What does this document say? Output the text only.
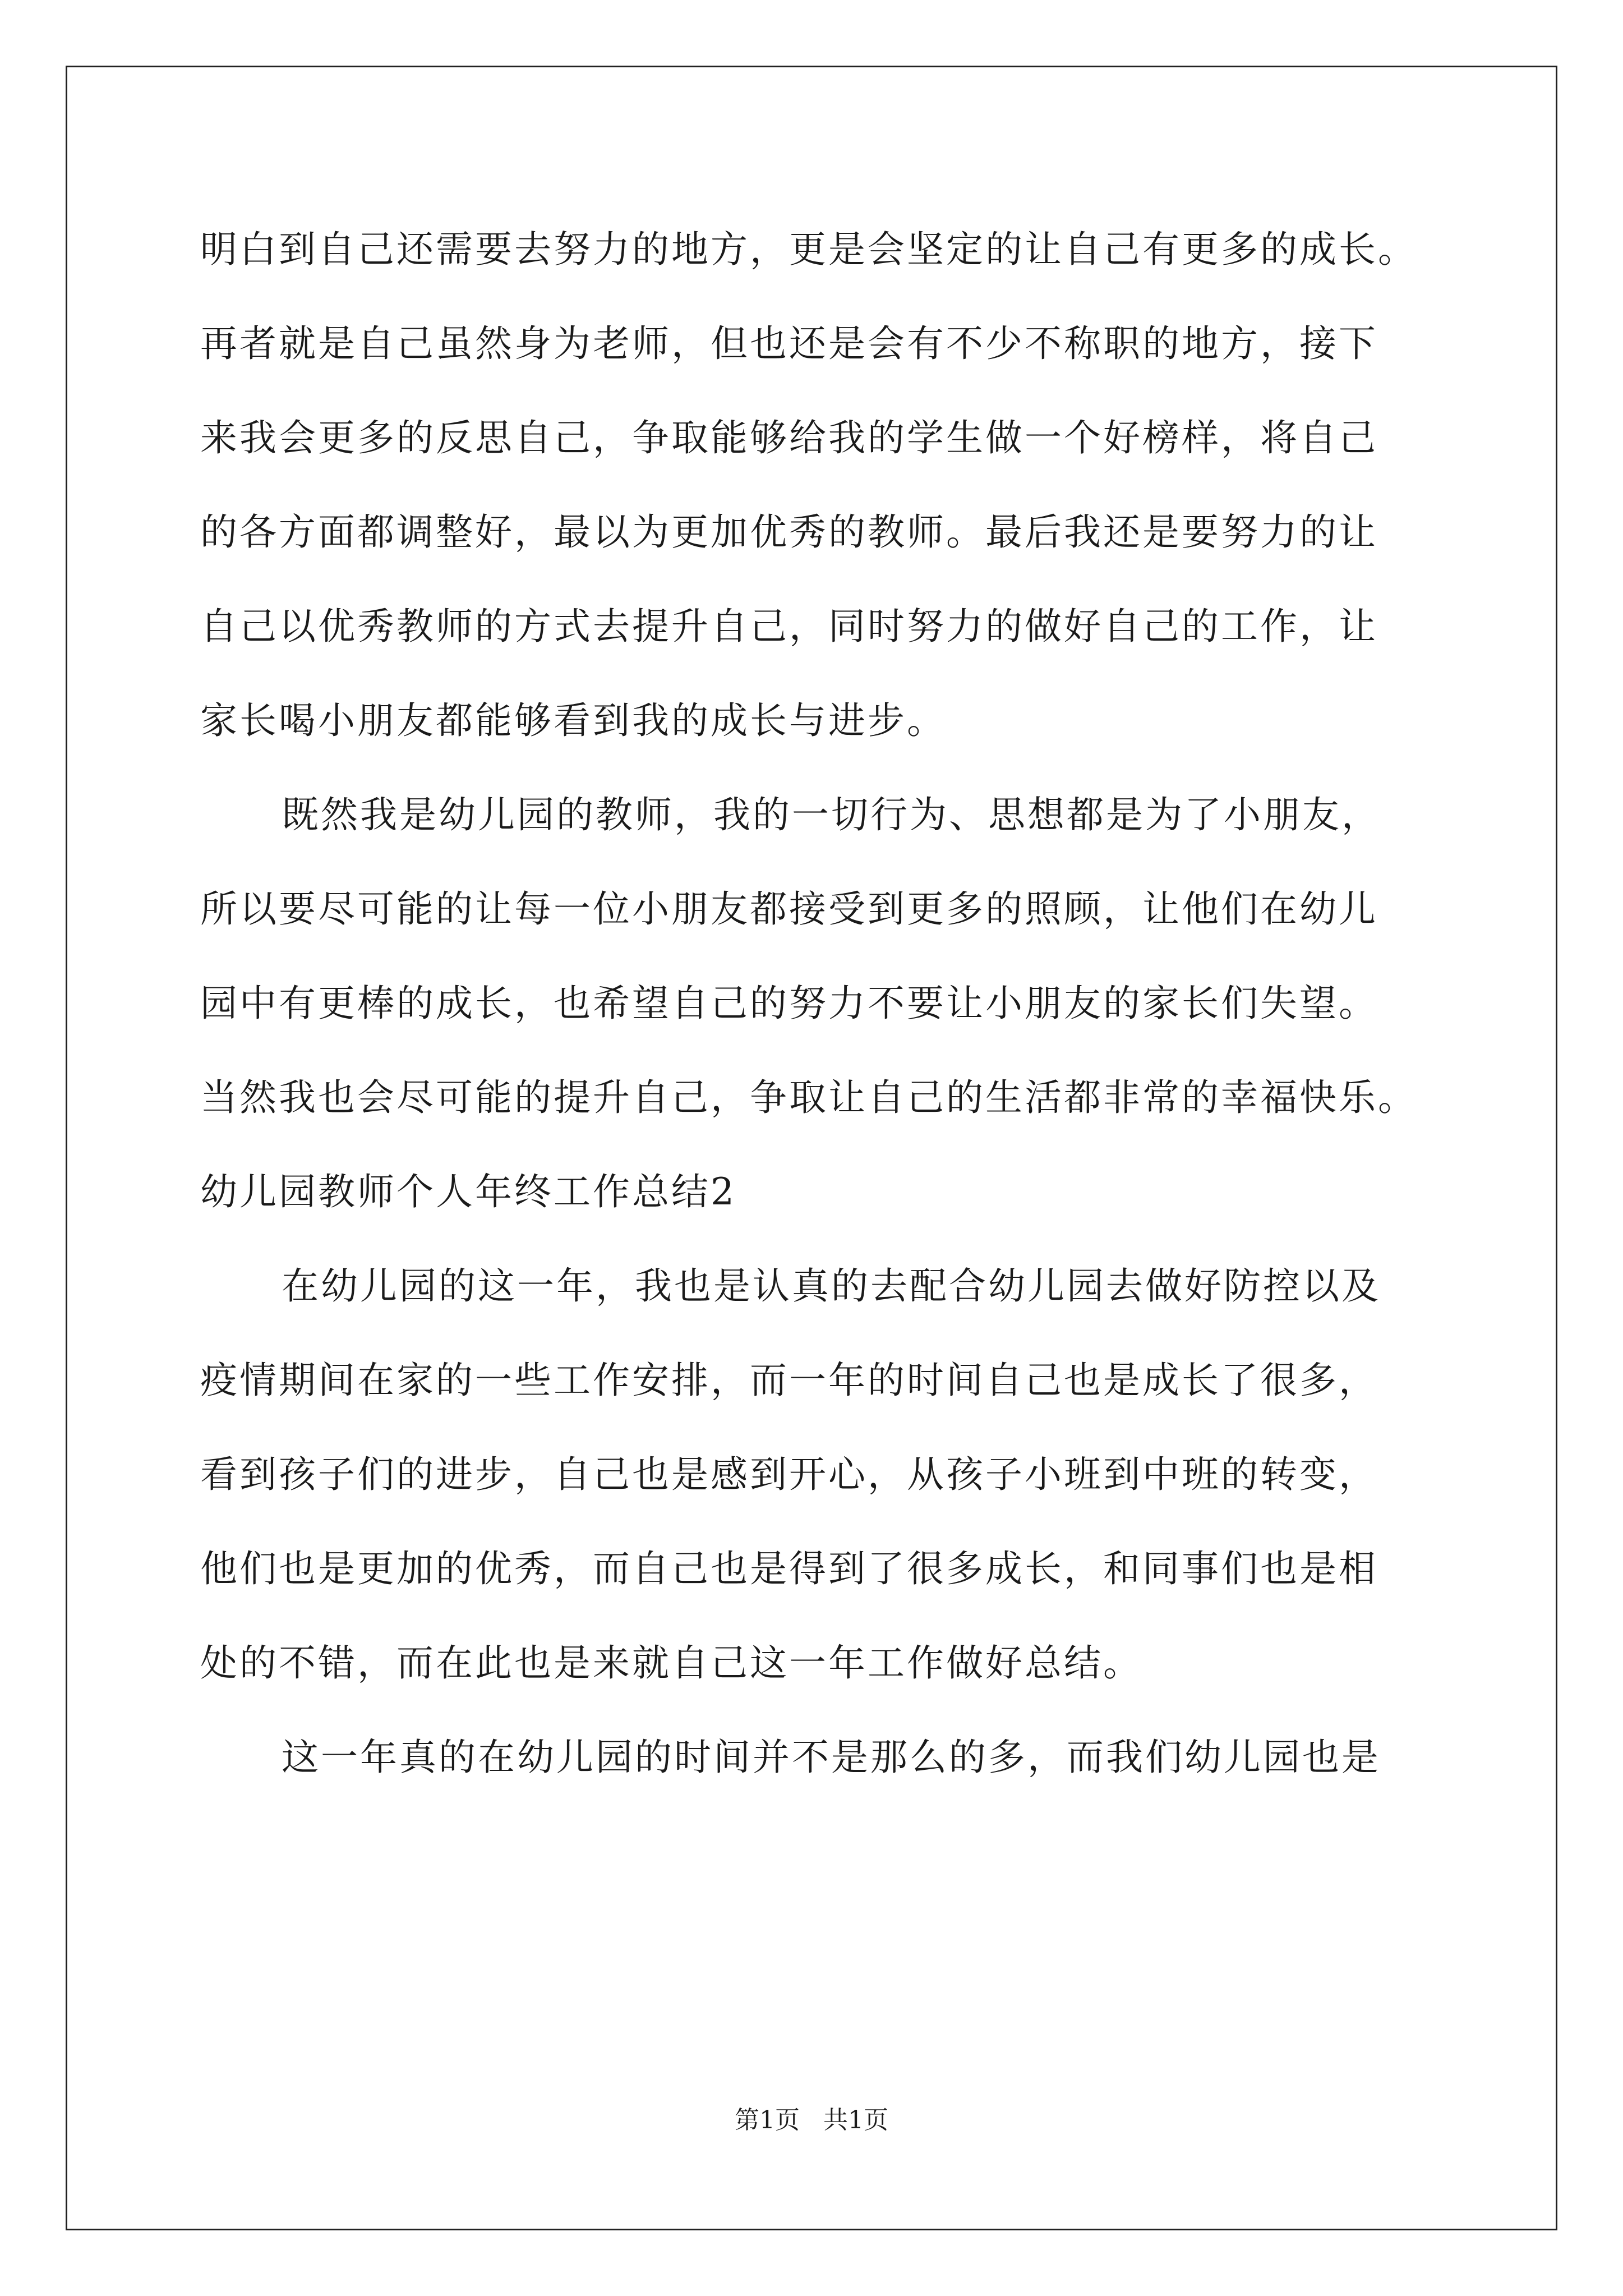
明白到自己还需要去努力的地方，更是会坚定的让自己有更多的成长。
再者就是自己虽然身为老师，但也还是会有不少不称职的地方，接下
来我会更多的反思自己，争取能够给我的学生做一个好榜样，将自己
的各方面都调整好，最以为更加优秀的教师。最后我还是要努力的让
自己以优秀教师的方式去提升自己，同时努力的做好自己的工作，让
家长喝小朋友都能够看到我的成长与进步。
既然我是幼儿园的教师，我的一切行为、思想都是为了小朋友，
所以要尽可能的让每一位小朋友都接受到更多的照顾，让他们在幼儿
园中有更棒的成长，也希望自己的努力不要让小朋友的家长们失望。
当然我也会尽可能的提升自己，争取让自己的生活都非常的幸福快乐。
幼儿园教师个人年终工作总结2
在幼儿园的这一年，我也是认真的去配合幼儿园去做好防控以及
疫情期间在家的一些工作安排，而一年的时间自己也是成长了很多，
看到孩子们的进步，自己也是感到开心，从孩子小班到中班的转变，
他们也是更加的优秀，而自己也是得到了很多成长，和同事们也是相
处的不错，而在此也是来就自己这一年工作做好总结。
这一年真的在幼儿园的时间并不是那么的多，而我们幼儿园也是
第1页   共1页
